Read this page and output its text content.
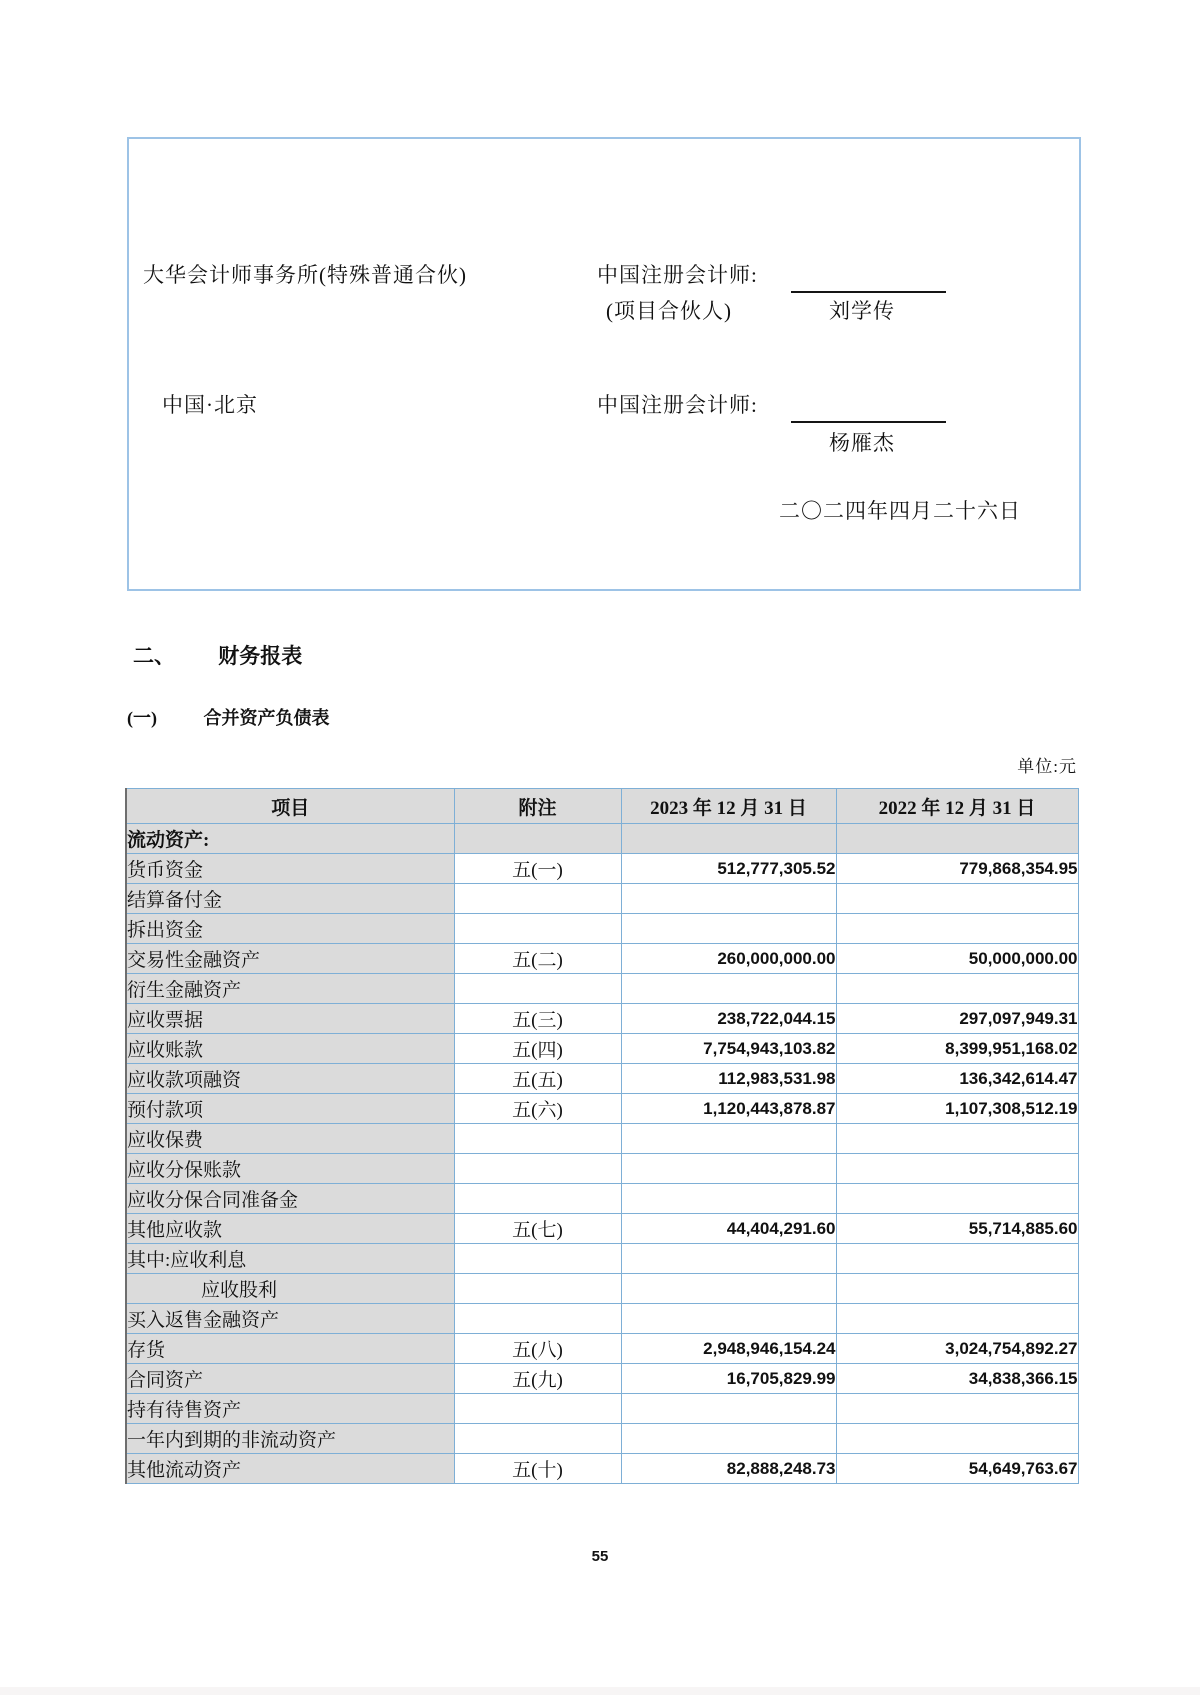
大华会计师事务所(特殊普通合伙)	中国注册会计师:
(项目合伙人)	刘学传
中国·北京	中国注册会计师:
杨雁杰
二〇二四年四月二十六日
二、 财务报表
(一)	合并资产负债表
单位:元
项目	附注	2023 年 12 月 31 日	2022 年 12 月 31 日
流动资产:			
货币资金	五(一)	512,777,305.52	779,868,354.95
结算备付金			
拆出资金			
交易性金融资产	五(二)	260,000,000.00	50,000,000.00
衍生金融资产			
应收票据	五(三)	238,722,044.15	297,097,949.31
应收账款	五(四)	7,754,943,103.82	8,399,951,168.02
应收款项融资	五(五)	112,983,531.98	136,342,614.47
预付款项	五(六)	1,120,443,878.87	1,107,308,512.19
应收保费			
应收分保账款			
应收分保合同准备金			
其他应收款	五(七)	44,404,291.60	55,714,885.60
其中:应收利息			
应收股利			
买入返售金融资产			
存货	五(八)	2,948,946,154.24	3,024,754,892.27
合同资产	五(九)	16,705,829.99	34,838,366.15
持有待售资产			
一年内到期的非流动资产			
其他流动资产	五(十)	82,888,248.73	54,649,763.67
55
